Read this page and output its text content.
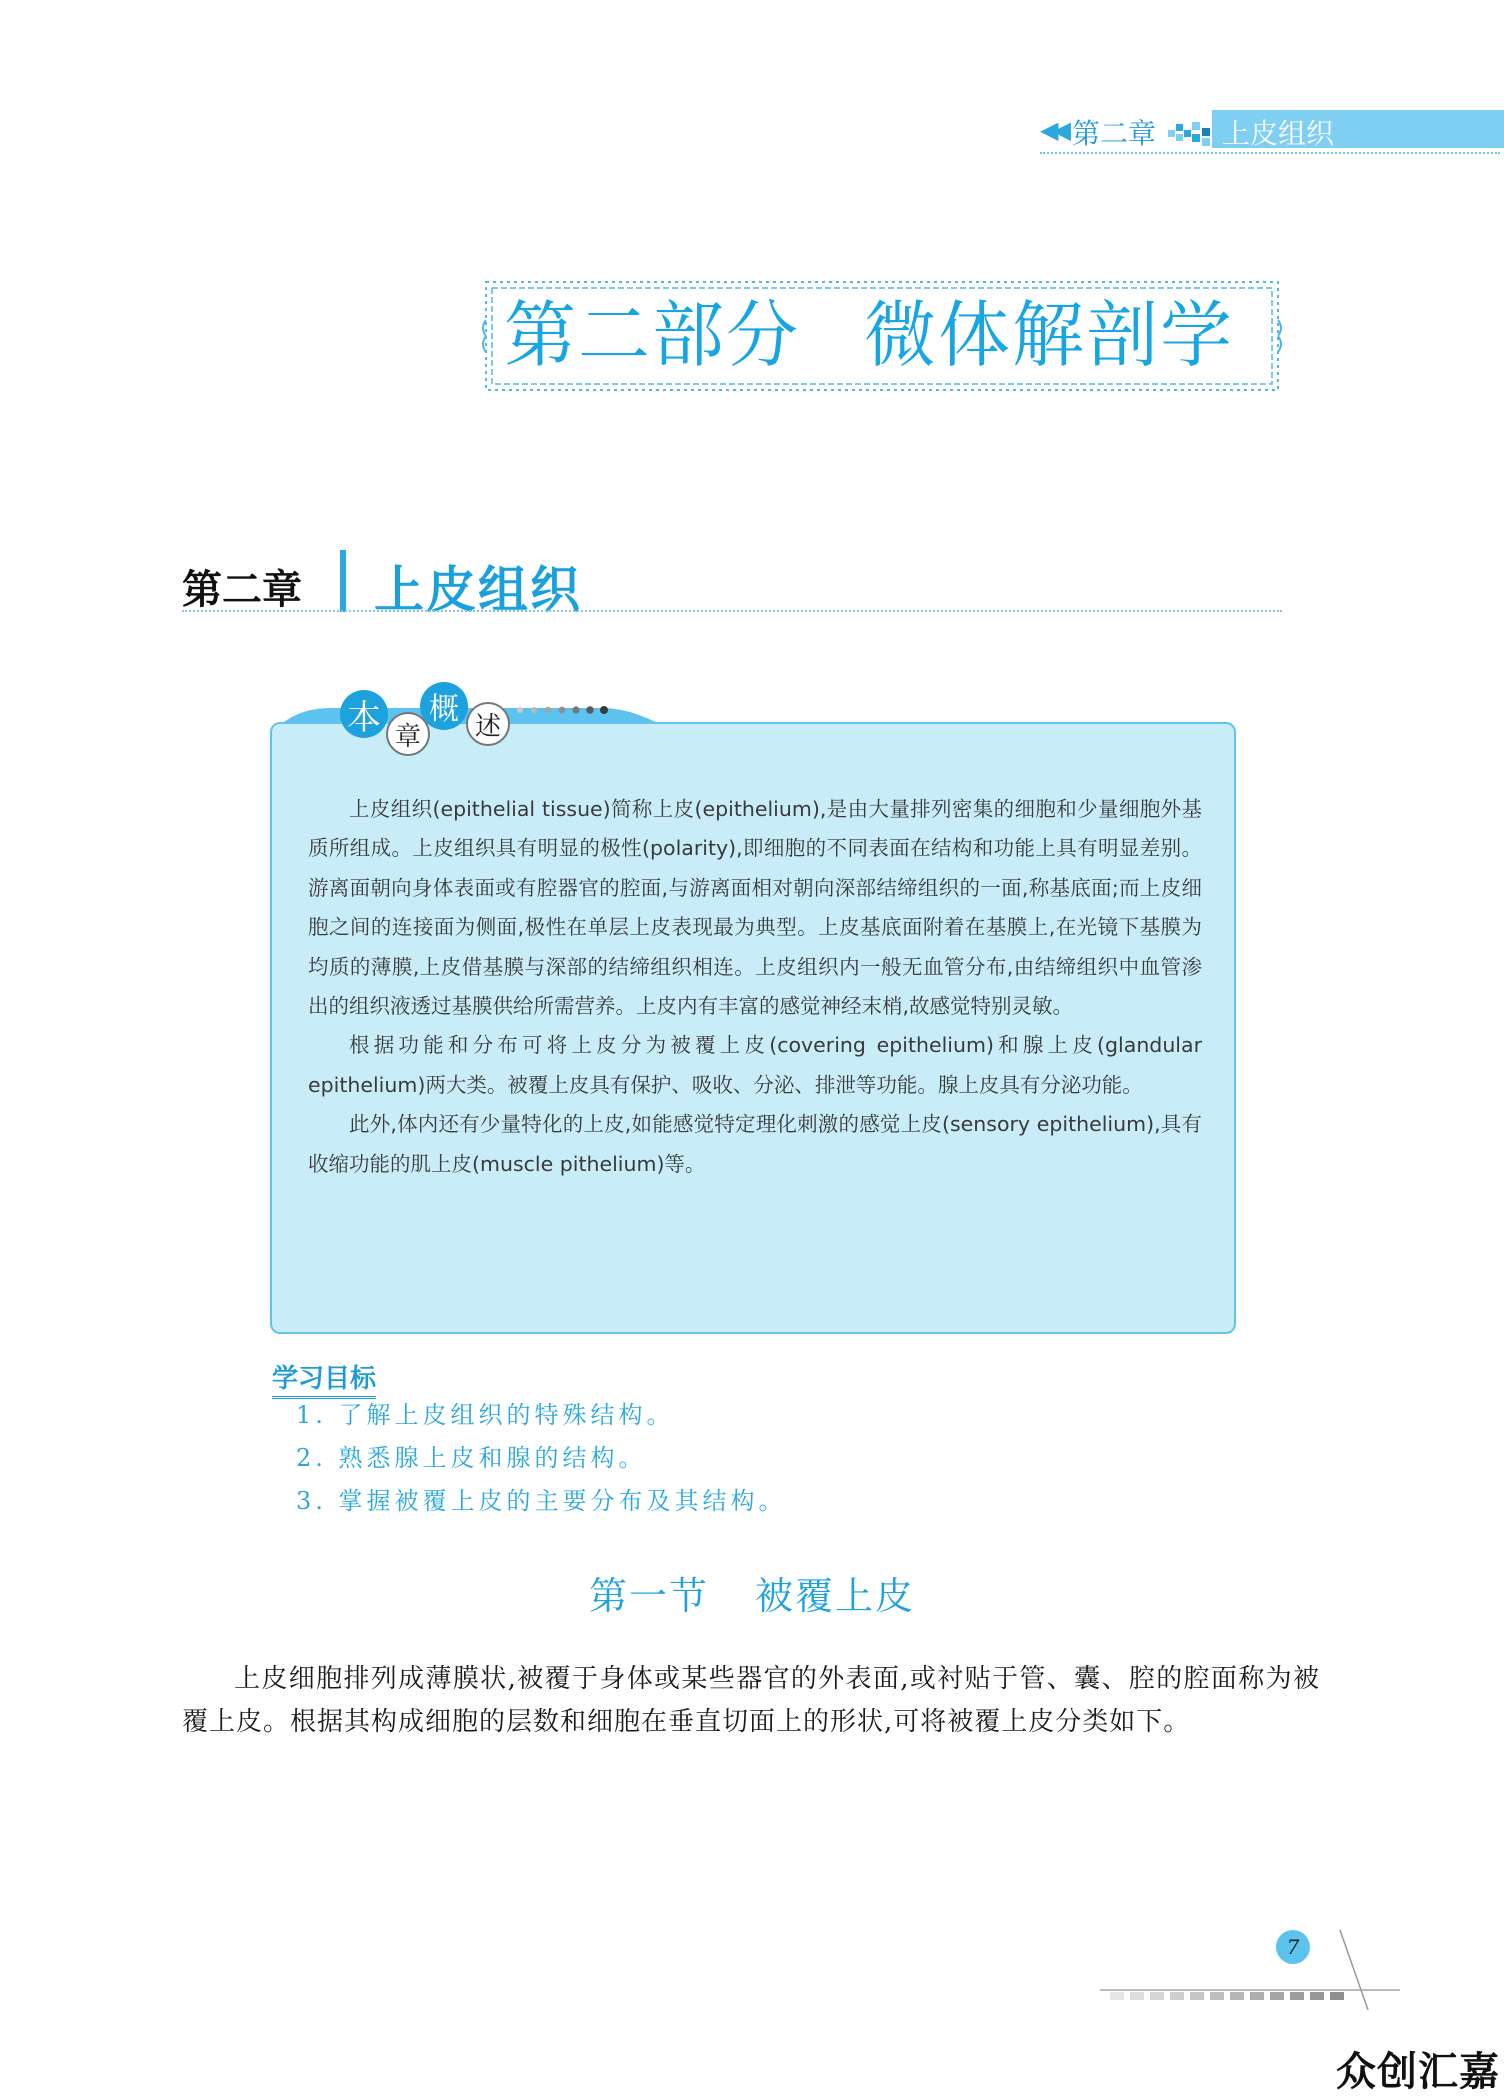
◀◀ 第二章 上皮组织
第二部分 微体解剖学
第二章 上皮组织

上皮组织(epithelial tissue)简称上皮(epithelium),是由大量排列密集的细胞和少量细胞外基质所组成。上皮组织具有明显的极性(polarity),即细胞的不同表面在结构和功能上具有明显差别。游离面朝向身体表面或有腔器官的腔面,与游离面相对朝向深部结缔组织的一面,称基底面;而上皮细胞之间的连接面为侧面,极性在单层上皮表现最为典型。上皮基底面附着在基膜上,在光镜下基膜为均质的薄膜,上皮借基膜与深部的结缔组织相连。上皮组织内一般无血管分布,由结缔组织中血管渗出的组织液透过基膜供给所需营养。上皮内有丰富的感觉神经末梢,故感觉特别灵敏。

根据功能和分布可将上皮分为被覆上皮(covering epithelium)和腺上皮(glandular epithelium)两大类。被覆上皮具有保护、吸收、分泌、排泄等功能。腺上皮具有分泌功能。

此外,体内还有少量特化的上皮,如能感觉特定理化刺激的感觉上皮(sensory epithelium),具有收缩功能的肌上皮(muscle pithelium)等。

本 章
概 述
学习目标
1. 了解上皮组织的特殊结构。
2. 熟悉腺上皮和腺的结构。
3. 掌握被覆上皮的主要分布及其结构。
第一节 被覆上皮

上皮细胞排列成薄膜状,被覆于身体或某些器官的外表面,或衬贴于管、囊、腔的腔面称为被覆上皮。根据其构成细胞的层数和细胞在垂直切面上的形状,可将被覆上皮分类如下。

7
众创汇嘉
